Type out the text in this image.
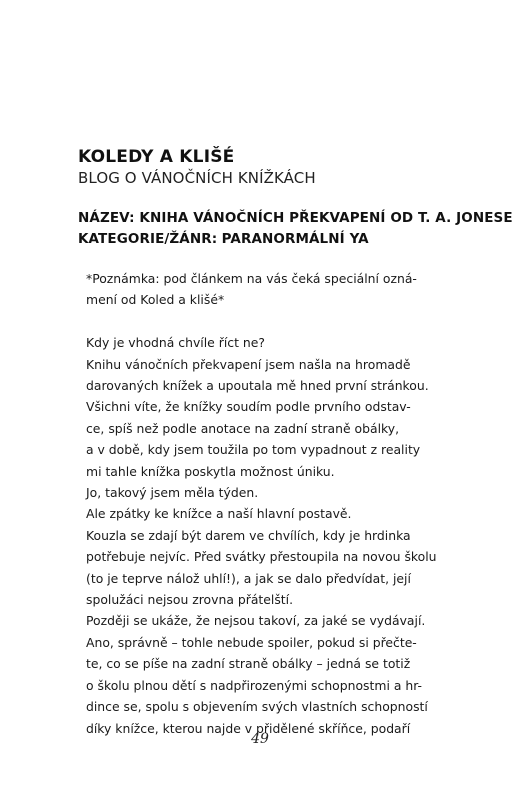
KOLEDY A KLIŠÉ
BLOG O VÁNOČNÍCH KNÍŽKÁCH
NÁZEV: KNIHA VÁNOČNÍCH PŘEKVAPENÍ OD T. A. JONESE
KATEGORIE/ŽÁNR: PARANORMÁLNÍ YA
*Poznámka: pod článkem na vás čeká speciální ozná-
mení od Koled a klišé*
Kdy je vhodná chvíle říct ne?
Knihu vánočních překvapení jsem našla na hromadě
darovaných knížek a upoutala mě hned první stránkou.
Všichni víte, že knížky soudím podle prvního odstav-
ce, spíš než podle anotace na zadní straně obálky,
a v době, kdy jsem toužila po tom vypadnout z reality
mi tahle knížka poskytla možnost úniku.
Jo, takový jsem měla týden.
Ale zpátky ke knížce a naší hlavní postavě.
Kouzla se zdají být darem ve chvílích, kdy je hrdinka
potřebuje nejvíc. Před svátky přestoupila na novou školu
(to je teprve nálož uhlí!), a jak se dalo předvídat, její
spolužáci nejsou zrovna přátelští.
Později se ukáže, že nejsou takoví, za jaké se vydávají.
Ano, správně – tohle nebude spoiler, pokud si přečte-
te, co se píše na zadní straně obálky – jedná se totiž
o školu plnou dětí s nadpřirozenými schopnostmi a hr-
dince se, spolu s objevením svých vlastních schopností
díky knížce, kterou najde v přidělené skříňce, podaří
49
